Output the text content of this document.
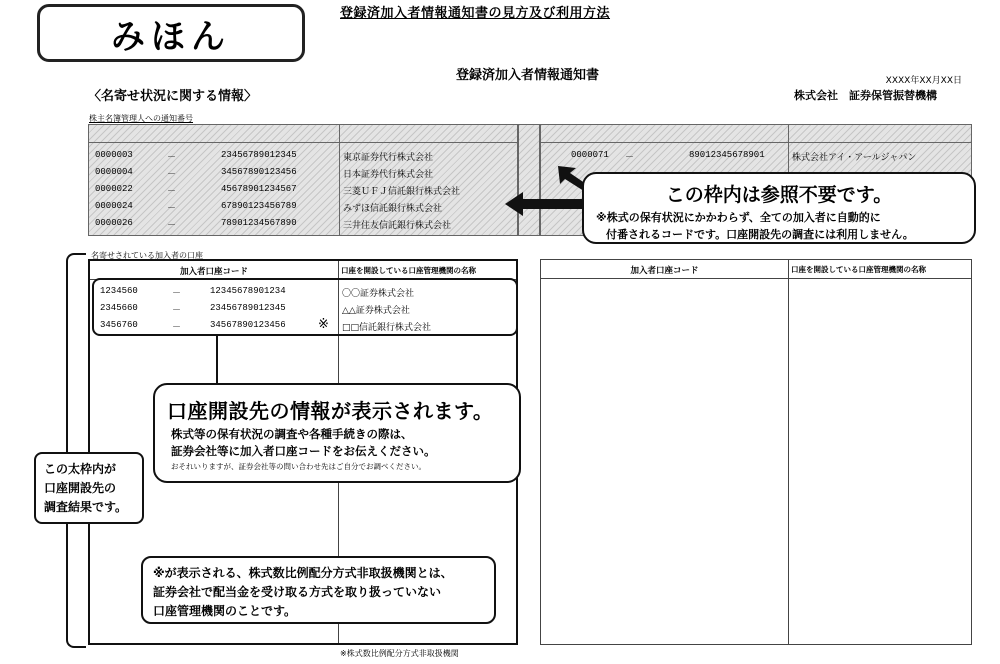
登録済加入者情報通知書の見方及び利用方法
みほん
登録済加入者情報通知書	XXXX年XX月XX日
株式会社　証券保管振替機構
〈名寄せ状況に関する情報〉
株主名簿管理人への通知番号
0000003	－	23456789012345	東京証券代行株式会社
0000004	－	34567890123456	日本証券代行株式会社
0000022	－	45678901234567	三菱ＵＦＪ信託銀行株式会社
0000024	－	67890123456789	みずほ信託銀行株式会社
0000026	－	78901234567890	三井住友信託銀行株式会社
0000071 －	89012345678901	株式会社アイ・アールジャパン
この枠内は参照不要です。
※株式の保有状況にかかわらず、全ての加入者に自動的に
付番されるコードです。口座開設先の調査には利用しません。
名寄せされている加入者の口座
加入者口座コード	口座を開設している口座管理機関の名称
1234560	－	12345678901234	〇〇証券株式会社
2345660	－	23456789012345	△△証券株式会社
3456760	－	34567890123456 ※ □□信託銀行株式会社
加入者口座コード	口座を開設している口座管理機関の名称
口座開設先の情報が表示されます。
株式等の保有状況の調査や各種手続きの際は、
証券会社等に加入者口座コードをお伝えください。
おそれいりますが、証券会社等の問い合わせ先はご自分でお調べください。
この太枠内が
口座開設先の
調査結果です。
※が表示される、株式数比例配分方式非取扱機関とは、
証券会社で配当金を受け取る方式を取り扱っていない
口座管理機関のことです。
※株式数比例配分方式非取扱機関
